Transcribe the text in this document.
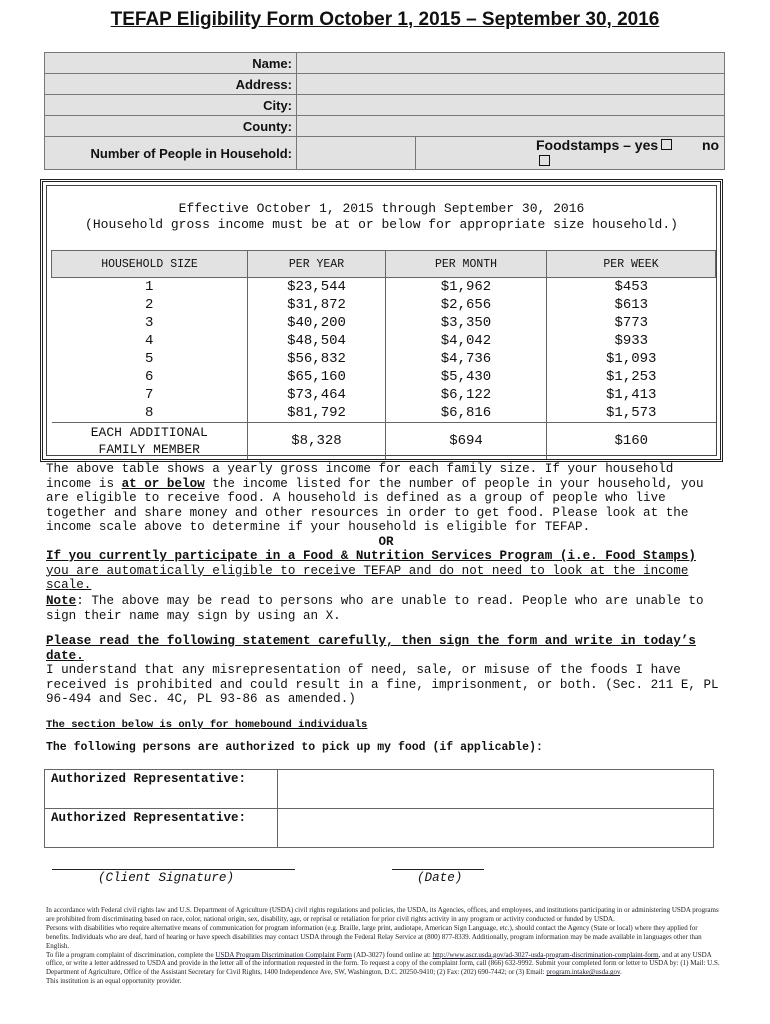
TEFAP Eligibility Form October 1, 2015 – September 30, 2016
Name:		
Address:		
City:		
County:		
Number of People in Household:		Foodstamps – yes no
Effective October 1, 2015 through September 30, 2016
(Household gross income must be at or below for appropriate size household.)
HOUSEHOLD SIZE	PER YEAR	PER MONTH	PER WEEK
1	$23,544	$1,962	$453
2	$31,872	$2,656	$613
3	$40,200	$3,350	$773
4	$48,504	$4,042	$933
5	$56,832	$4,736	$1,093
6	$65,160	$5,430	$1,253
7	$73,464	$6,122	$1,413
8	$81,792	$6,816	$1,573

EACH ADDITIONAL
FAMILY MEMBER	$8,328	$694	$160

The above table shows a yearly gross income for each family size. If your household income is at or below the income listed for the number of people in your household, you are eligible to receive food. A household is defined as a group of people who live together and share money and other resources in order to get food. Please look at the income scale above to determine if your household is eligible for TEFAP.

OR

If you currently participate in a Food & Nutrition Services Program (i.e. Food Stamps)
you are automatically eligible to receive TEFAP and do not need to look at the income scale.

Note: The above may be read to persons who are unable to read. People who are unable to sign their name may sign by using an X.

Please read the following statement carefully, then sign the form and write in today’s date.

I understand that any misrepresentation of need, sale, or misuse of the foods I have received is prohibited and could result in a fine, imprisonment, or both. (Sec. 211 E, PL 96-494 and Sec. 4C, PL 93-86 as amended.)

The section below is only for homebound individuals

The following persons are authorized to pick up my food (if applicable):

Authorized Representative:	
Authorized Representative:	
(Client Signature)	(Date)
In accordance with Federal civil rights law and U.S. Department of Agriculture (USDA) civil rights regulations and policies, the USDA, its Agencies, offices, and employees, and institutions participating in or administering USDA programs are prohibited from discriminating based on race, color, national origin, sex, disability, age, or reprisal or retaliation for prior civil rights activity in any program or activity conducted or funded by USDA.
Persons with disabilities who require alternative means of communication for program information (e.g. Braille, large print, audiotape, American Sign Language, etc.), should contact the Agency (State or local) where they applied for benefits. Individuals who are deaf, hard of hearing or have speech disabilities may contact USDA through the Federal Relay Service at (800) 877-8339. Additionally, program information may be made available in languages other than English.
To file a program complaint of discrimination, complete the USDA Program Discrimination Complaint Form (AD-3027) found online at: http://www.ascr.usda.gov/ad-3027-usda-program-discrimination-complaint-form, and at any USDA office, or write a letter addressed to USDA and provide in the letter all of the information requested in the form. To request a copy of the complaint form, call (866) 632-9992. Submit your completed form or letter to USDA by: (1) Mail: U.S. Department of Agriculture, Office of the Assistant Secretary for Civil Rights, 1400 Independence Ave, SW, Washington, D.C. 20250-9410; (2) Fax: (202) 690-7442; or (3) Email: program.intake@usda.gov.
This institution is an equal opportunity provider.
